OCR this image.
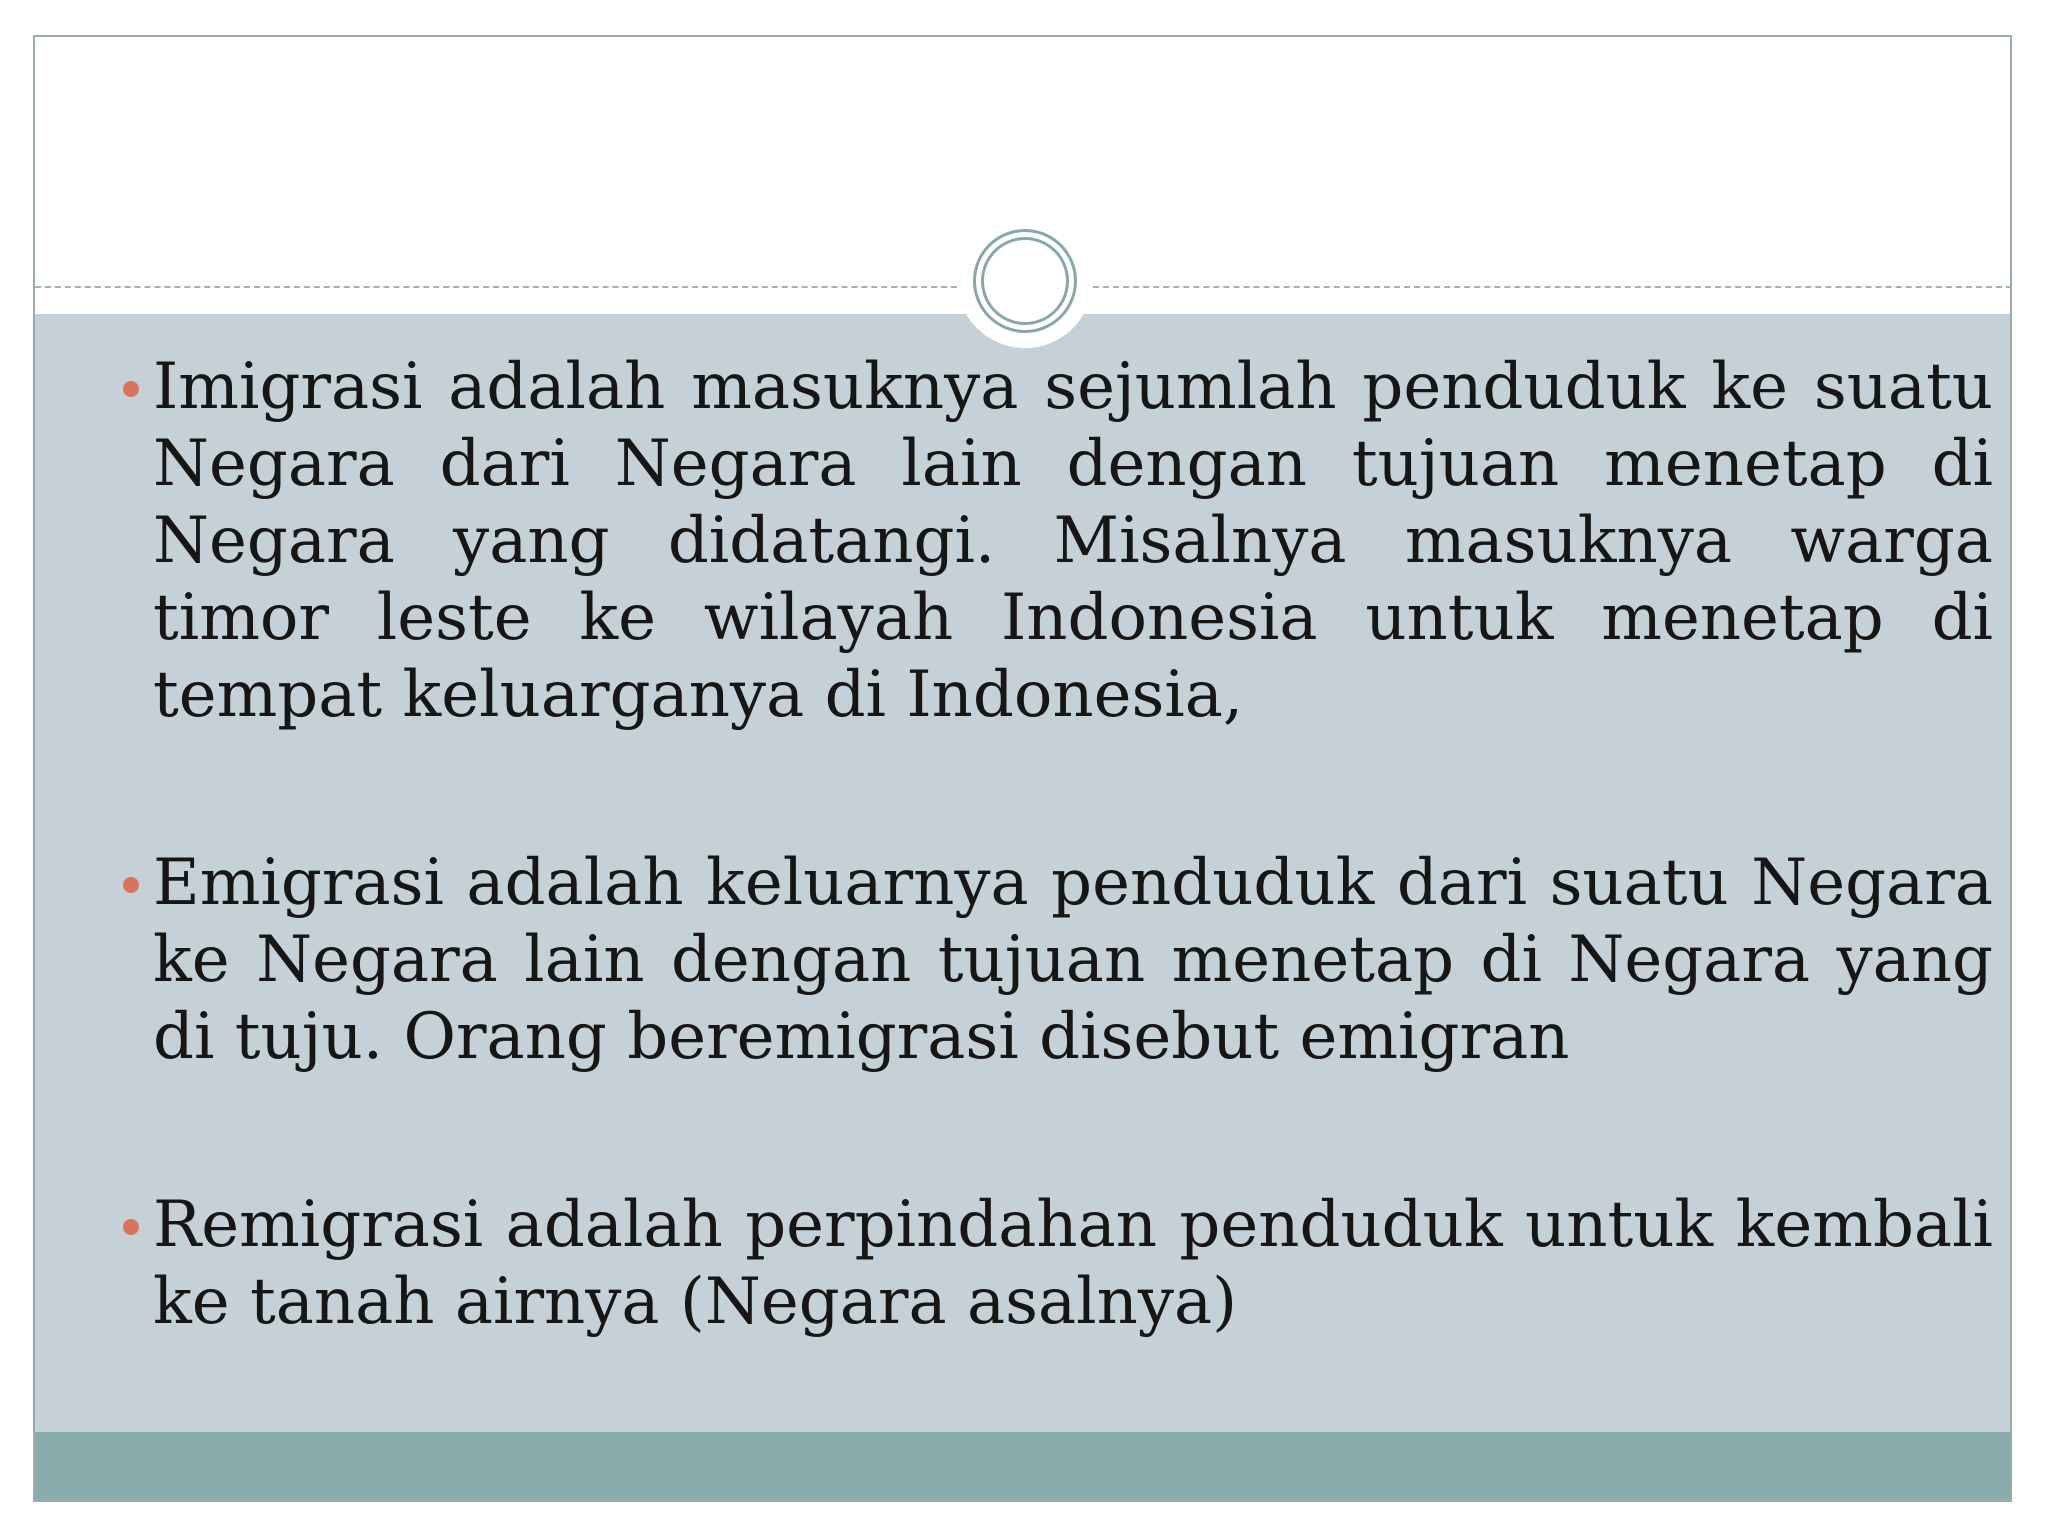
Imigrasi adalah masuknya sejumlah penduduk ke suatu Negara dari Negara lain dengan tujuan menetap di Negara yang didatangi. Misalnya masuknya warga timor leste ke wilayah Indonesia untuk menetap di tempat keluarganya di Indonesia,
Emigrasi adalah keluarnya penduduk dari suatu Negara ke Negara lain dengan tujuan menetap di Negara yang di tuju. Orang beremigrasi disebut emigran
Remigrasi adalah perpindahan penduduk untuk kembali ke tanah airnya (Negara asalnya)
